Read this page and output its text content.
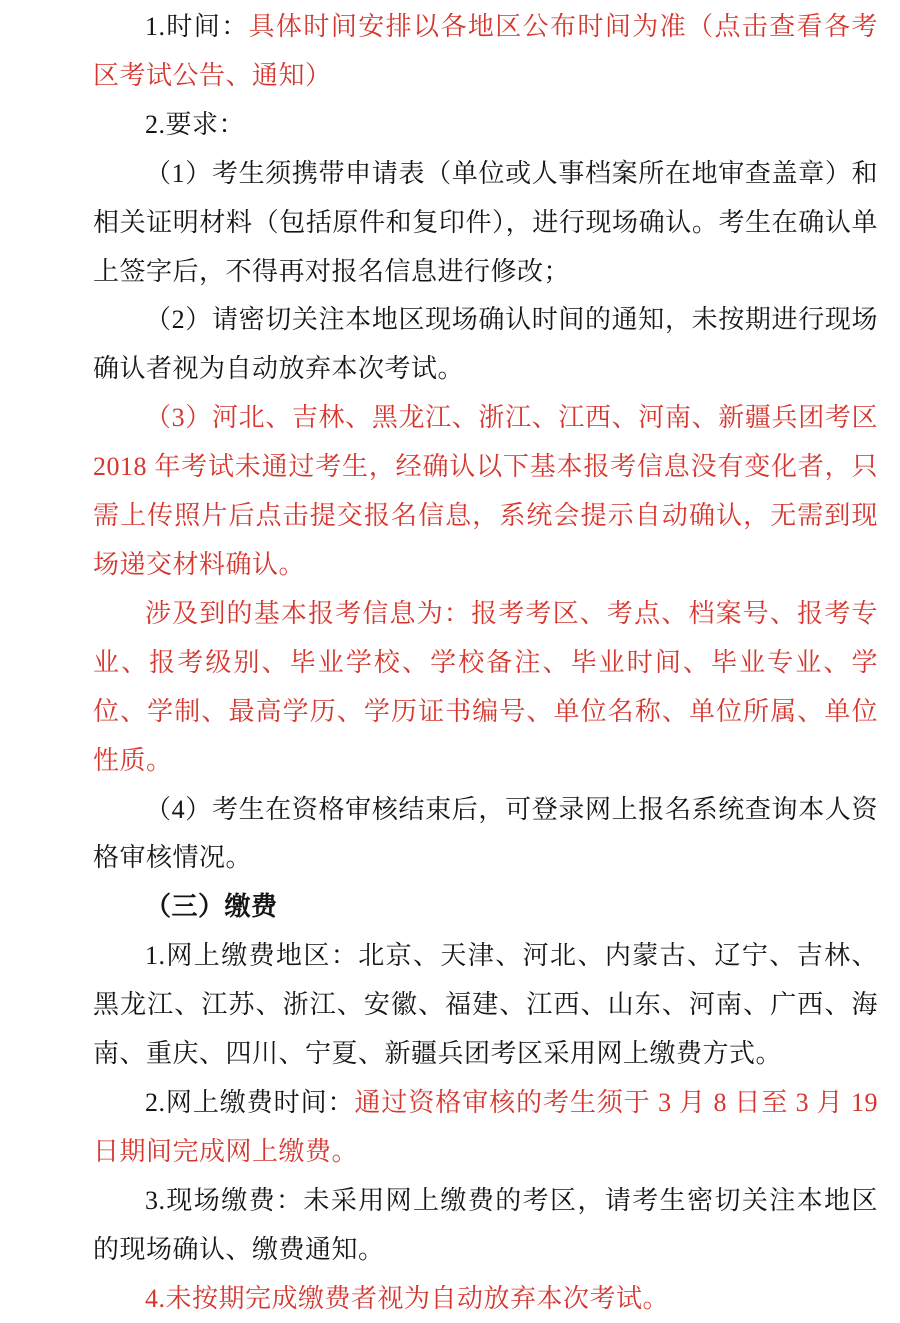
1.时间：具体时间安排以各地区公布时间为准（点击查看各考区考试公告、通知）

2.要求：

（1）考生须携带申请表（单位或人事档案所在地审查盖章）和相关证明材料（包括原件和复印件），进行现场确认。考生在确认单上签字后，不得再对报名信息进行修改；

（2）请密切关注本地区现场确认时间的通知，未按期进行现场确认者视为自动放弃本次考试。

（3）河北、吉林、黑龙江、浙江、江西、河南、新疆兵团考区 2018 年考试未通过考生，经确认以下基本报考信息没有变化者，只需上传照片后点击提交报名信息，系统会提示自动确认，无需到现场递交材料确认。

涉及到的基本报考信息为：报考考区、考点、档案号、报考专业、报考级别、毕业学校、学校备注、毕业时间、毕业专业、学位、学制、最高学历、学历证书编号、单位名称、单位所属、单位性质。

（4）考生在资格审核结束后，可登录网上报名系统查询本人资格审核情况。

（三）缴费

1.网上缴费地区：北京、天津、河北、内蒙古、辽宁、吉林、黑龙江、江苏、浙江、安徽、福建、江西、山东、河南、广西、海南、重庆、四川、宁夏、新疆兵团考区采用网上缴费方式。

2.网上缴费时间：通过资格审核的考生须于 3 月 8 日至 3 月 19 日期间完成网上缴费。

3.现场缴费：未采用网上缴费的考区，请考生密切关注本地区的现场确认、缴费通知。

4.未按期完成缴费者视为自动放弃本次考试。
